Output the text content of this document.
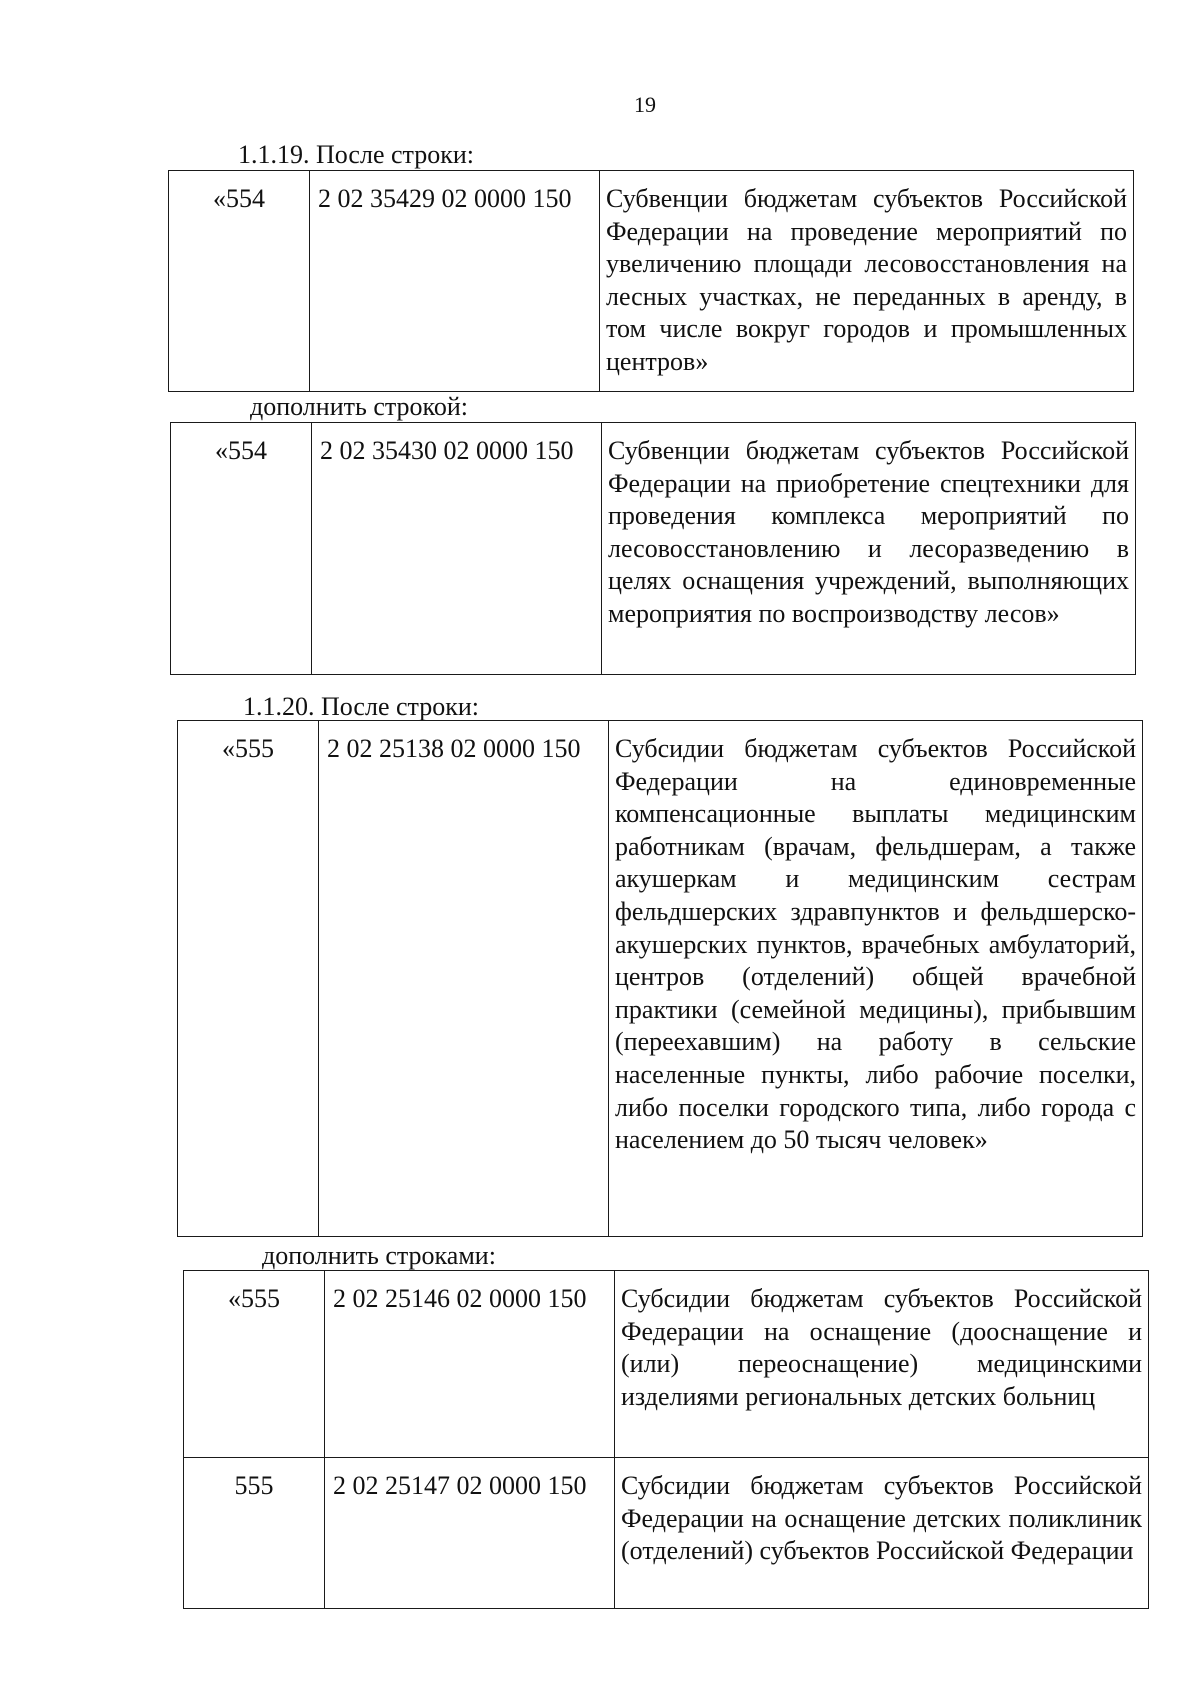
19
1.1.19. После строки:
«554	2 02 35429 02 0000 150	Субвенции бюджетам субъектов Российской Федерации на проведение мероприятий по увеличению площади лесовосстановления на лесных участках, не переданных в аренду, в том числе вокруг городов и промышленных центров»
дополнить строкой:
«554	2 02 35430 02 0000 150	Субвенции бюджетам субъектов Российской Федерации на приобретение спецтехники для проведения комплекса мероприятий по лесовосстановлению и лесоразведению в целях оснащения учреждений, выполняющих мероприятия по воспроизводству лесов»
1.1.20. После строки:
«555	2 02 25138 02 0000 150	Субсидии бюджетам субъектов Российской Федерации на единовременные компенсационные выплаты медицинским работникам (врачам, фельдшерам, а также акушеркам и медицинским сестрам фельдшерских здравпунктов и фельдшерско-акушерских пунктов, врачебных амбулаторий, центров (отделений) общей врачебной практики (семейной медицины), прибывшим (переехавшим) на работу в сельские населенные пункты, либо рабочие поселки, либо поселки городского типа, либо города с населением до 50 тысяч человек»
дополнить строками:
«555	2 02 25146 02 0000 150	Субсидии бюджетам субъектов Российской Федерации на оснащение (дооснащение и (или) переоснащение) медицинскими изделиями региональных детских больниц
555	2 02 25147 02 0000 150	Субсидии бюджетам субъектов Российской Федерации на оснащение детских поликлиник (отделений) субъектов Российской Федерации
